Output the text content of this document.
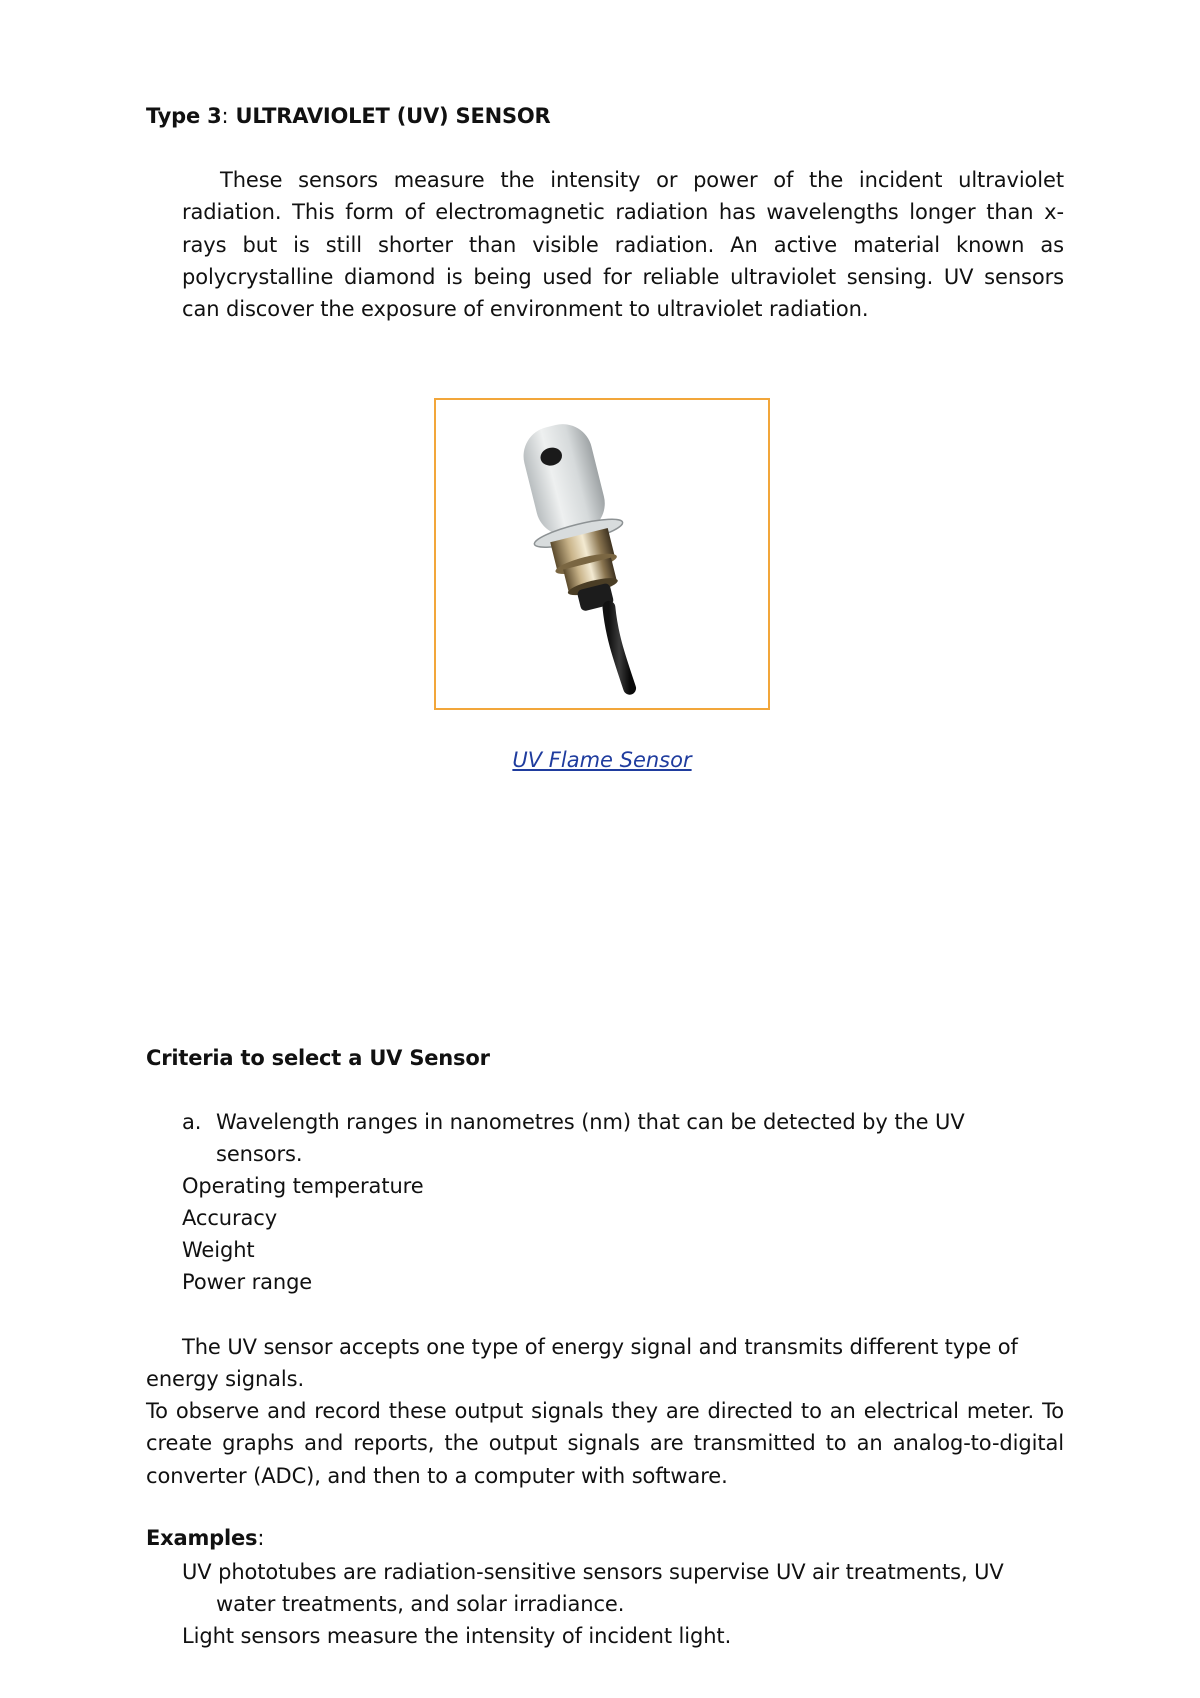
Type 3: ULTRAVIOLET (UV) SENSOR
These sensors measure the intensity or power of the incident ultraviolet radiation. This form of electromagnetic radiation has wavelengths longer than x-rays but is still shorter than visible radiation. An active material known as polycrystalline diamond is being used for reliable ultraviolet sensing. UV sensors can discover the exposure of environment to ultraviolet radiation.
UV Flame Sensor
Criteria to select a UV Sensor
a. Wavelength ranges in nanometres (nm) that can be detected by the UV
sensors.
Operating temperature
Accuracy
Weight
Power range
The UV sensor accepts one type of energy signal and transmits different type of
energy signals.
To observe and record these output signals they are directed to an electrical meter. To create graphs and reports, the output signals are transmitted to an analog-to-digital converter (ADC), and then to a computer with software.
Examples:
UV phototubes are radiation-sensitive sensors supervise UV air treatments, UV
water treatments, and solar irradiance.
Light sensors measure the intensity of incident light.
